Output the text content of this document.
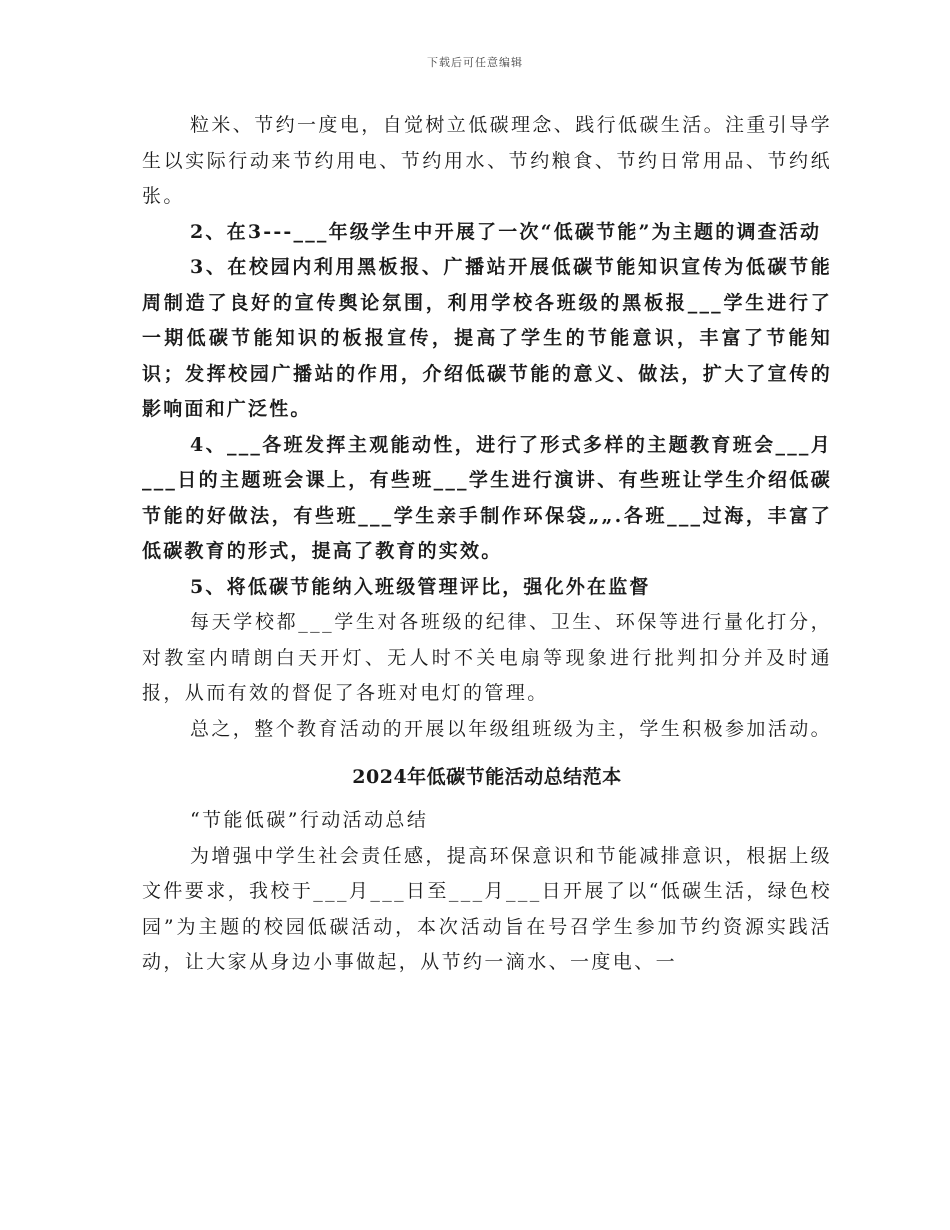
下载后可任意编辑

粒米、节约一度电，自觉树立低碳理念、践行低碳生活。注重引导学生以实际行动来节约用电、节约用水、节约粮食、节约日常用品、节约纸张。

2、在3---___年级学生中开展了一次“低碳节能”为主题的调查活动

3、在校园内利用黑板报、广播站开展低碳节能知识宣传为低碳节能周制造了良好的宣传舆论氛围，利用学校各班级的黑板报___学生进行了一期低碳节能知识的板报宣传，提高了学生的节能意识，丰富了节能知识；发挥校园广播站的作用，介绍低碳节能的意义、做法，扩大了宣传的影响面和广泛性。

4、___各班发挥主观能动性，进行了形式多样的主题教育班会___月___日的主题班会课上，有些班___学生进行演讲、有些班让学生介绍低碳节能的好做法，有些班___学生亲手制作环保袋„„.各班___过海，丰富了低碳教育的形式，提高了教育的实效。

5、将低碳节能纳入班级管理评比，强化外在监督

每天学校都___学生对各班级的纪律、卫生、环保等进行量化打分，对教室内晴朗白天开灯、无人时不关电扇等现象进行批判扣分并及时通报，从而有效的督促了各班对电灯的管理。

总之，整个教育活动的开展以年级组班级为主，学生积极参加活动。

2024年低碳节能活动总结范本

“节能低碳”行动活动总结

为增强中学生社会责任感，提高环保意识和节能减排意识，根据上级文件要求，我校于___月___日至___月___日开展了以“低碳生活，绿色校园”为主题的校园低碳活动，本次活动旨在号召学生参加节约资源实践活动，让大家从身边小事做起，从节约一滴水、一度电、一
